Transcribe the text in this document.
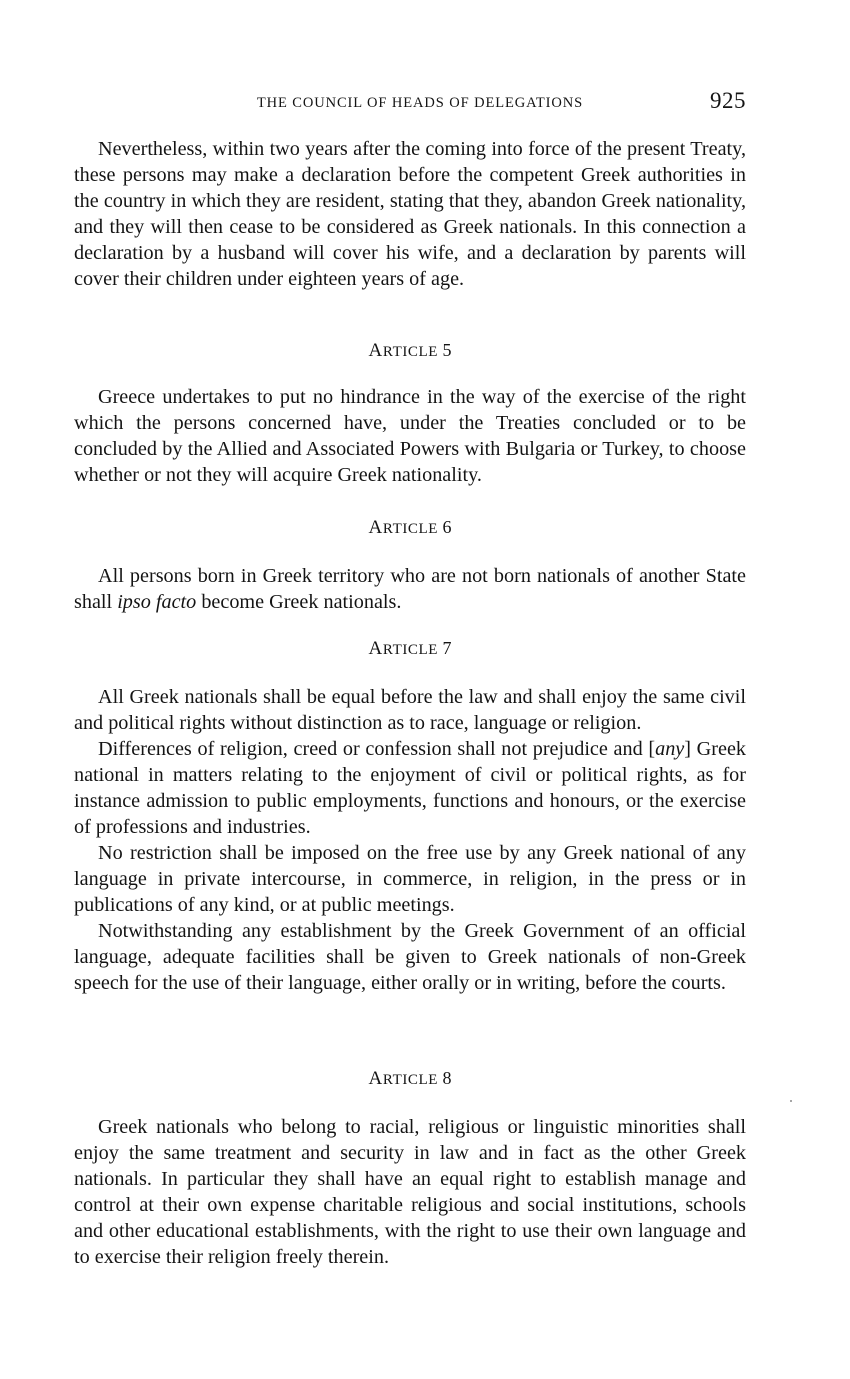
THE COUNCIL OF HEADS OF DELEGATIONS	925

Nevertheless, within two years after the coming into force of the present Treaty, these persons may make a declaration before the competent Greek authorities in the country in which they are resident, stating that they, abandon Greek nationality, and they will then cease to be considered as Greek nationals. In this connection a declaration by a husband will cover his wife, and a declaration by parents will cover their children under eighteen years of age.

ARTICLE 5

Greece undertakes to put no hindrance in the way of the exercise of the right which the persons concerned have, under the Treaties concluded or to be concluded by the Allied and Associated Powers with Bulgaria or Turkey, to choose whether or not they will acquire Greek nationality.

ARTICLE 6

All persons born in Greek territory who are not born nationals of another State shall ipso facto become Greek nationals.

ARTICLE 7

All Greek nationals shall be equal before the law and shall enjoy the same civil and political rights without distinction as to race, language or religion.

Differences of religion, creed or confession shall not prejudice and [any] Greek national in matters relating to the enjoyment of civil or political rights, as for instance admission to public employments, functions and honours, or the exercise of professions and industries.

No restriction shall be imposed on the free use by any Greek national of any language in private intercourse, in commerce, in religion, in the press or in publications of any kind, or at public meetings.

Notwithstanding any establishment by the Greek Government of an official language, adequate facilities shall be given to Greek nationals of non-Greek speech for the use of their language, either orally or in writing, before the courts.

ARTICLE 8

Greek nationals who belong to racial, religious or linguistic minorities shall enjoy the same treatment and security in law and in fact as the other Greek nationals. In particular they shall have an equal right to establish manage and control at their own expense charitable religious and social institutions, schools and other educational establishments, with the right to use their own language and to exercise their religion freely therein.
